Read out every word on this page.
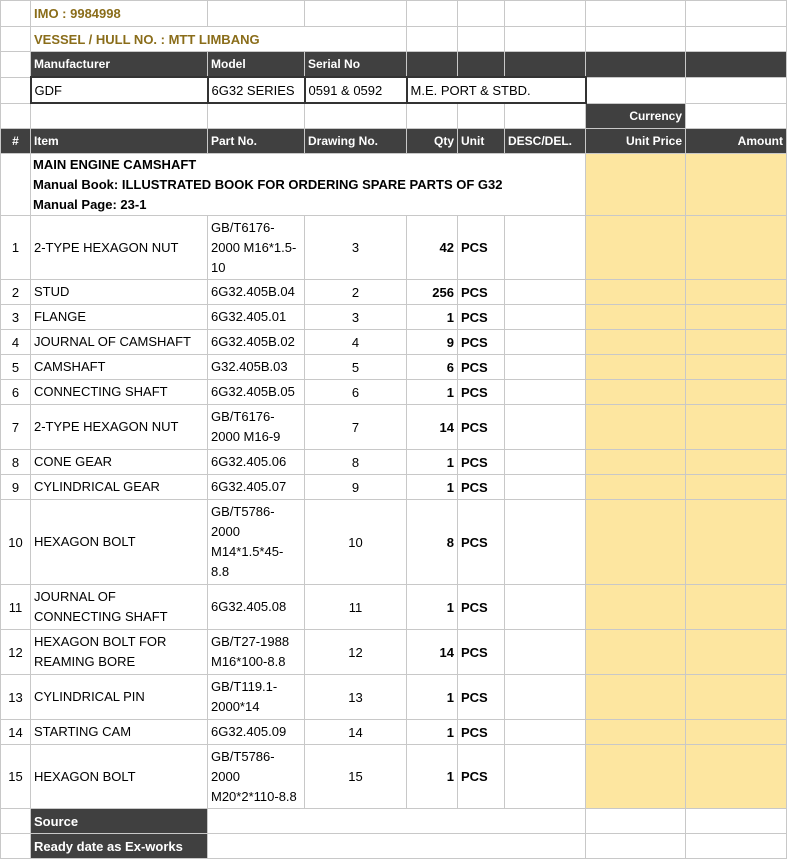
	IMO : 9984998							
	VESSEL / HULL NO. : MTT LIMBANG							
	Manufacturer	Model	Serial No					
	GDF	6G32 SERIES	0591 & 0592	M.E. PORT & STBD.				
							Currency	
#	Item	Part No.	Drawing No.	Qty	Unit	DESC/DEL.	Unit Price	Amount

	MAIN ENGINE CAMSHAFT
Manual Book: ILLUSTRATED BOOK FOR ORDERING SPARE PARTS OF G32
Manual Page: 23-1							

1	2-TYPE HEXAGON NUT	GB/T6176-2000 M16*1.5-10	3	42	PCS			
2	STUD	6G32.405B.04	2	256	PCS			
3	FLANGE	6G32.405.01	3	1	PCS			
4	JOURNAL OF CAMSHAFT	6G32.405B.02	4	9	PCS			
5	CAMSHAFT	G32.405B.03	5	6	PCS			
6	CONNECTING SHAFT	6G32.405B.05	6	1	PCS			
7	2-TYPE HEXAGON NUT	GB/T6176-2000 M16-9	7	14	PCS			
8	CONE GEAR	6G32.405.06	8	1	PCS			
9	CYLINDRICAL GEAR	6G32.405.07	9	1	PCS			
10	HEXAGON BOLT	GB/T5786-2000 M14*1.5*45-8.8	10	8	PCS			
11	JOURNAL OF CONNECTING SHAFT	6G32.405.08	11	1	PCS			
12	HEXAGON BOLT FOR REAMING BORE	GB/T27-1988 M16*100-8.8	12	14	PCS			
13	CYLINDRICAL PIN	GB/T119.1-2000*14	13	1	PCS			
14	STARTING CAM	6G32.405.09	14	1	PCS			
15	HEXAGON BOLT	GB/T5786-2000 M20*2*110-8.8	15	1	PCS			
	Source							
	Ready date as Ex-works							
